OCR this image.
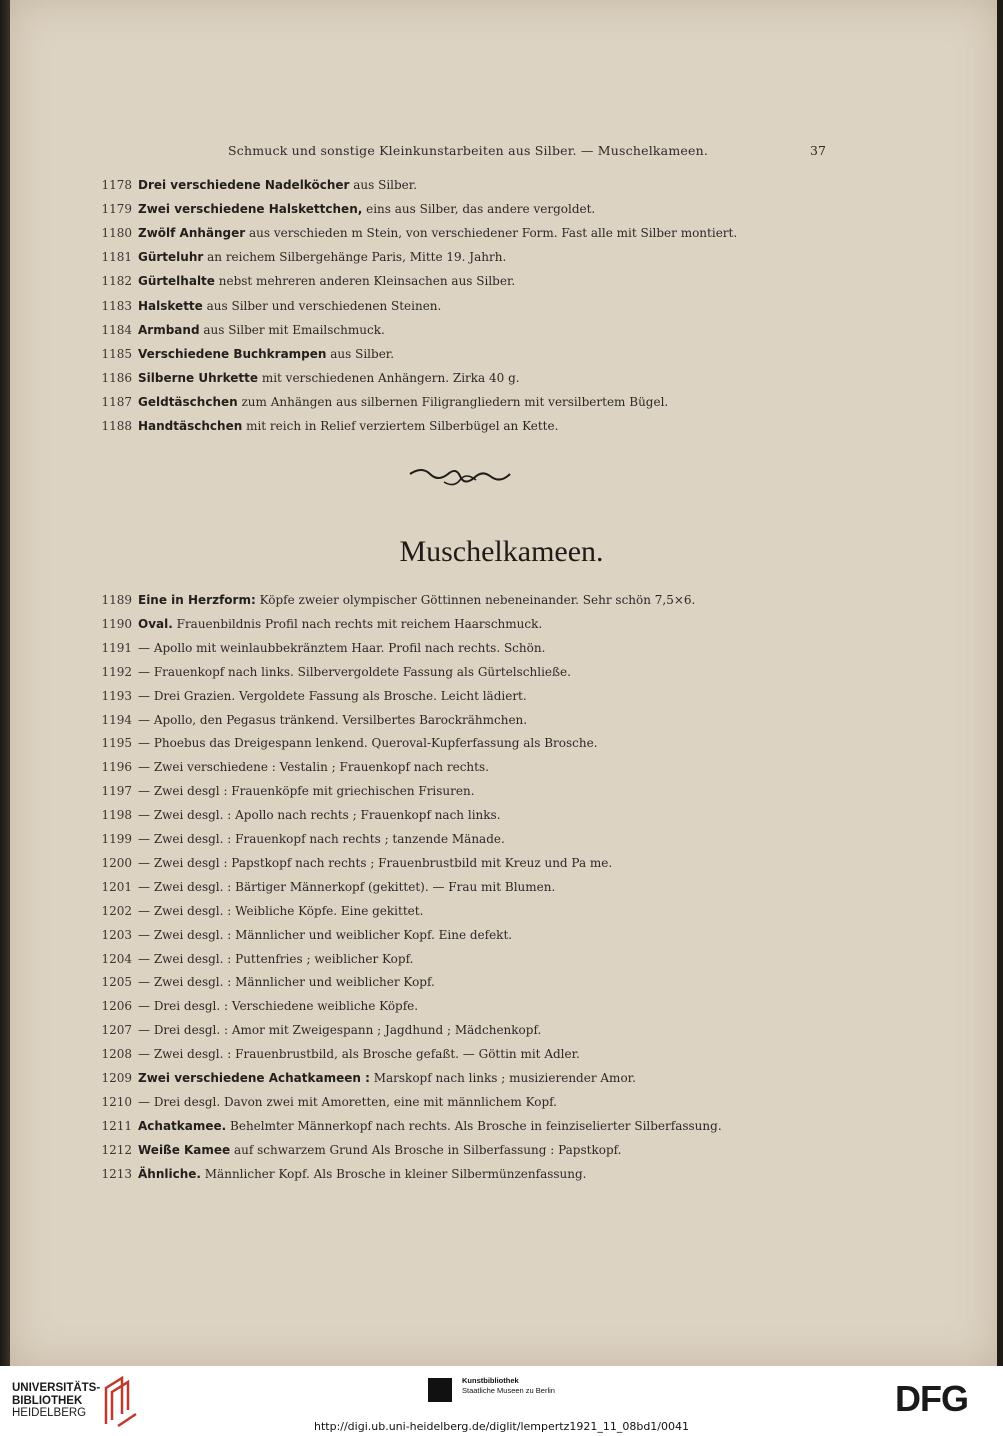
Schmuck und sonstige Kleinkunstarbeiten aus Silber. — Muschelkameen.	37
1178 Drei verschiedene Nadelköcher aus Silber.
1179 Zwei verschiedene Halskettchen, eins aus Silber, das andere vergoldet.
1180 Zwölf Anhänger aus verschieden m Stein, von verschiedener Form. Fast alle mit Silber montiert.
1181 Gürteluhr an reichem Silbergehänge Paris, Mitte 19. Jahrh.
1182 Gürtelhalte nebst mehreren anderen Kleinsachen aus Silber.
1183 Halskette aus Silber und verschiedenen Steinen.
1184 Armband aus Silber mit Emailschmuck.
1185 Verschiedene Buchkrampen aus Silber.
1186 Silberne Uhrkette mit verschiedenen Anhängern. Zirka 40 g.
1187 Geldtäschchen zum Anhängen aus silbernen Filigrangliedern mit versilbertem Bügel.
1188 Handtäschchen mit reich in Relief verziertem Silberbügel an Kette.
Muschelkameen.
1189 Eine in Herzform: Köpfe zweier olympischer Göttinnen nebeneinander. Sehr schön 7,5×6.
1190 Oval. Frauenbildnis Profil nach rechts mit reichem Haarschmuck.
1191 — Apollo mit weinlaubbekränztem Haar. Profil nach rechts. Schön.
1192 — Frauenkopf nach links. Silbervergoldete Fassung als Gürtelschließe.
1193 — Drei Grazien. Vergoldete Fassung als Brosche. Leicht lädiert.
1194 — Apollo, den Pegasus tränkend. Versilbertes Barockrähmchen.
1195 — Phoebus das Dreigespann lenkend. Queroval-Kupferfassung als Brosche.
1196 — Zwei verschiedene : Vestalin ; Frauenkopf nach rechts.
1197 — Zwei desgl : Frauenköpfe mit griechischen Frisuren.
1198 — Zwei desgl. : Apollo nach rechts ; Frauenkopf nach links.
1199 — Zwei desgl. : Frauenkopf nach rechts ; tanzende Mänade.
1200 — Zwei desgl : Papstkopf nach rechts ; Frauenbrustbild mit Kreuz und Pa me.
1201 — Zwei desgl. : Bärtiger Männerkopf (gekittet). — Frau mit Blumen.
1202 — Zwei desgl. : Weibliche Köpfe. Eine gekittet.
1203 — Zwei desgl. : Männlicher und weiblicher Kopf. Eine defekt.
1204 — Zwei desgl. : Puttenfries ; weiblicher Kopf.
1205 — Zwei desgl. : Männlicher und weiblicher Kopf.
1206 — Drei desgl. : Verschiedene weibliche Köpfe.
1207 — Drei desgl. : Amor mit Zweigespann ; Jagdhund ; Mädchenkopf.
1208 — Zwei desgl. : Frauenbrustbild, als Brosche gefaßt. — Göttin mit Adler.
1209 Zwei verschiedene Achatkameen : Marskopf nach links ; musizierender Amor.
1210 — Drei desgl. Davon zwei mit Amoretten, eine mit männlichem Kopf.
1211 Achatkamee. Behelmter Männerkopf nach rechts. Als Brosche in feinziselierter Silberfassung.
1212 Weiße Kamee auf schwarzem Grund Als Brosche in Silberfassung : Papstkopf.
1213 Ähnliche. Männlicher Kopf. Als Brosche in kleiner Silbermünzenfassung.
UNIVERSITÄTS-
BIBLIOTHEK
HEIDELBERG
Kunstbibliothek
Staatliche Museen zu Berlin	DFG
http://digi.ub.uni-heidelberg.de/diglit/lempertz1921_11_08bd1/0041
